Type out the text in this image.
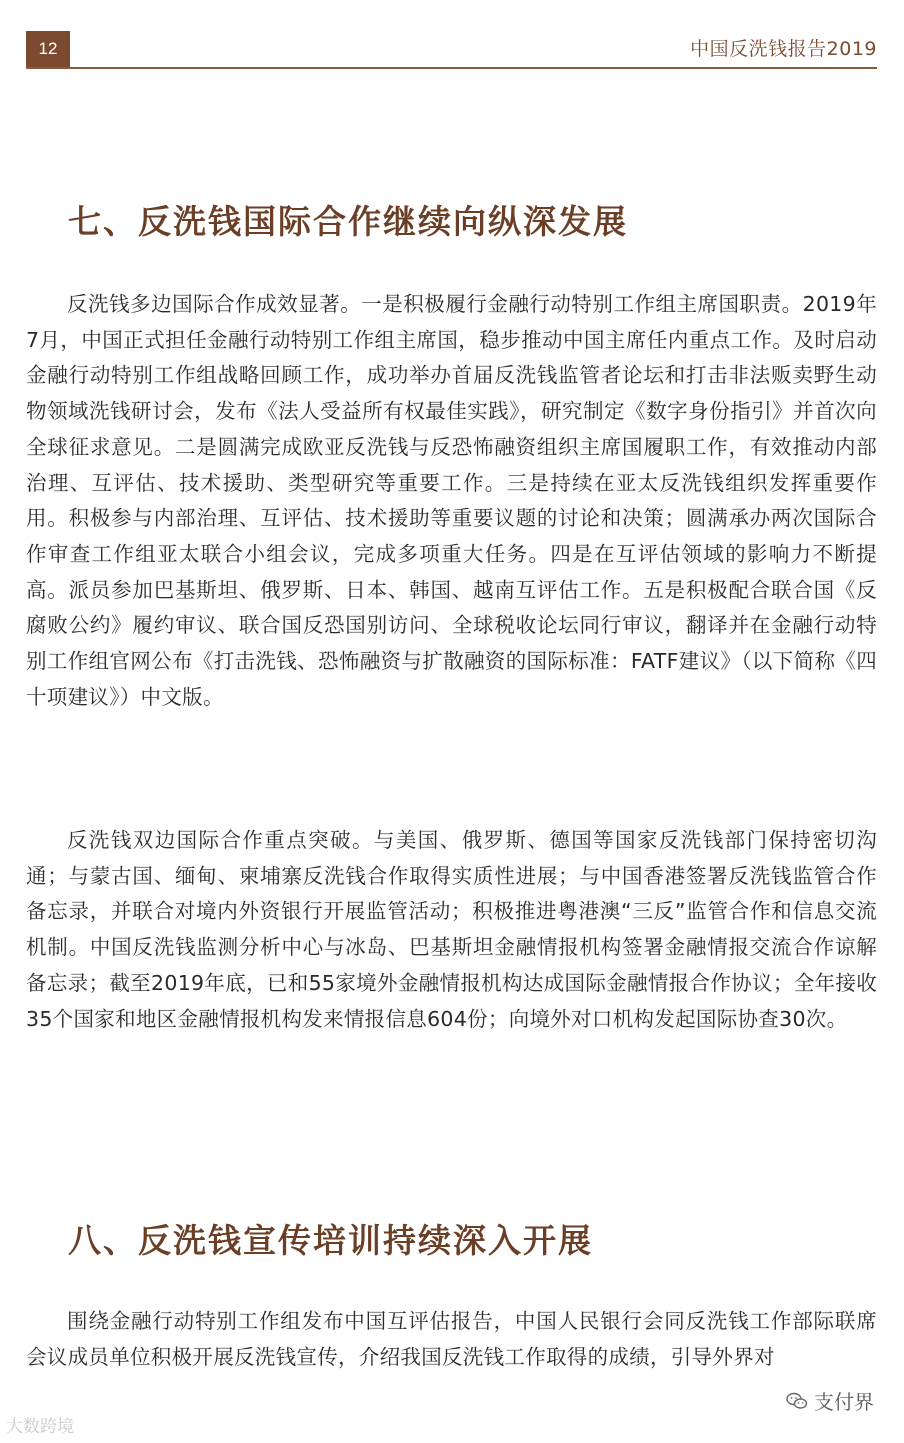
12	中国反洗钱报告2019
七、反洗钱国际合作继续向纵深发展

反洗钱多边国际合作成效显著。一是积极履行金融行动特别工作组主席国职责。2019年7月，中国正式担任金融行动特别工作组主席国，稳步推动中国主席任内重点工作。及时启动金融行动特别工作组战略回顾工作，成功举办首届反洗钱监管者论坛和打击非法贩卖野生动物领域洗钱研讨会，发布《法人受益所有权最佳实践》，研究制定《数字身份指引》并首次向全球征求意见。二是圆满完成欧亚反洗钱与反恐怖融资组织主席国履职工作，有效推动内部治理、互评估、技术援助、类型研究等重要工作。三是持续在亚太反洗钱组织发挥重要作用。积极参与内部治理、互评估、技术援助等重要议题的讨论和决策；圆满承办两次国际合作审查工作组亚太联合小组会议，完成多项重大任务。四是在互评估领域的影响力不断提高。派员参加巴基斯坦、俄罗斯、日本、韩国、越南互评估工作。五是积极配合联合国《反腐败公约》履约审议、联合国反恐国别访问、全球税收论坛同行审议，翻译并在金融行动特别工作组官网公布《打击洗钱、恐怖融资与扩散融资的国际标准：FATF建议》（以下简称《四十项建议》）中文版。

反洗钱双边国际合作重点突破。与美国、俄罗斯、德国等国家反洗钱部门保持密切沟通；与蒙古国、缅甸、柬埔寨反洗钱合作取得实质性进展；与中国香港签署反洗钱监管合作备忘录，并联合对境内外资银行开展监管活动；积极推进粤港澳“三反”监管合作和信息交流机制。中国反洗钱监测分析中心与冰岛、巴基斯坦金融情报机构签署金融情报交流合作谅解备忘录；截至2019年底，已和55家境外金融情报机构达成国际金融情报合作协议；全年接收35个国家和地区金融情报机构发来情报信息604份；向境外对口机构发起国际协查30次。

八、反洗钱宣传培训持续深入开展

围绕金融行动特别工作组发布中国互评估报告，中国人民银行会同反洗钱工作部际联席会议成员单位积极开展反洗钱宣传，介绍我国反洗钱工作取得的成绩，引导外界对

大数跨境
支付界
